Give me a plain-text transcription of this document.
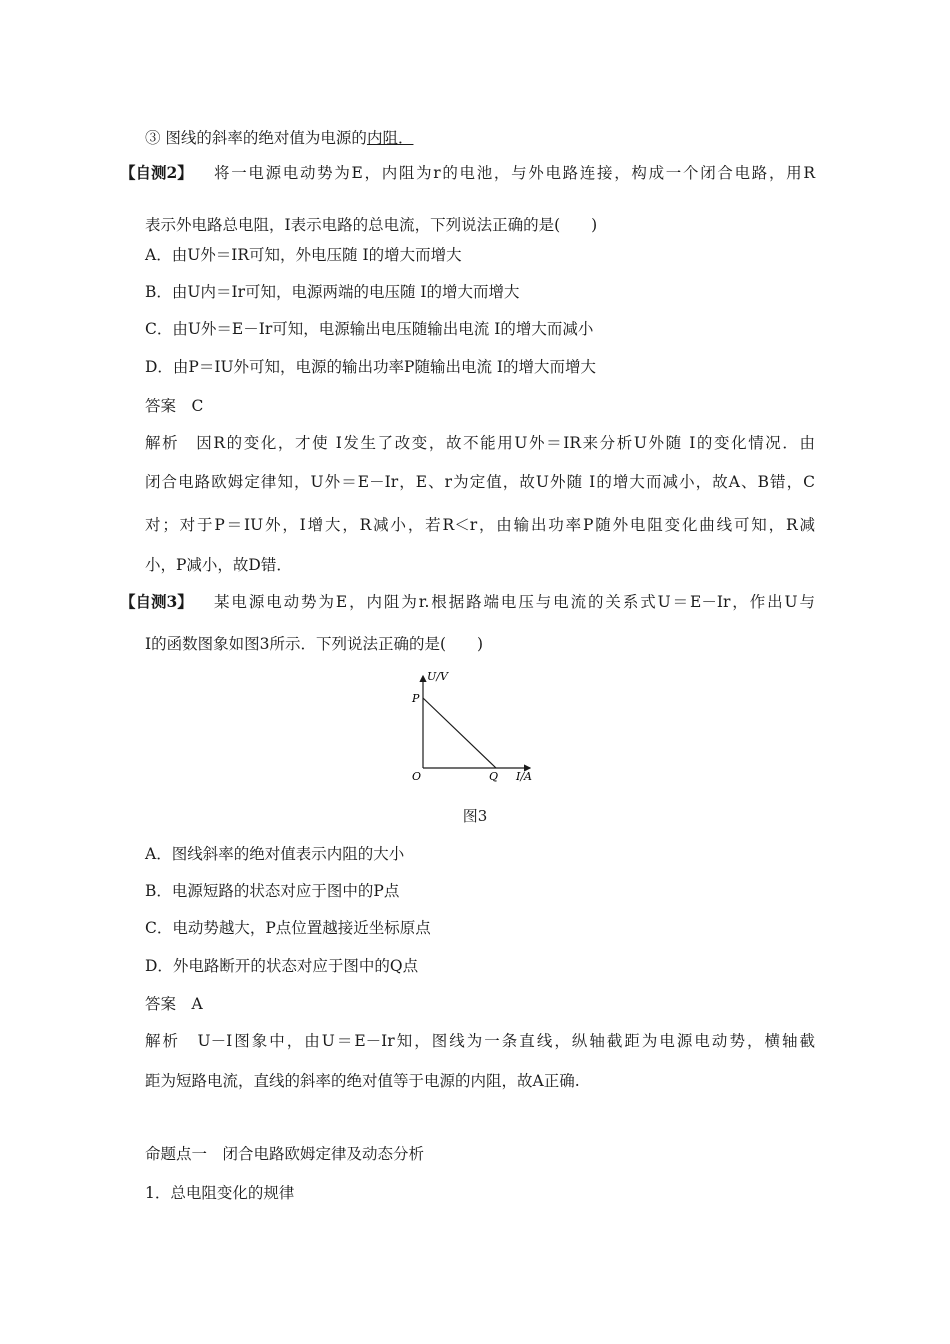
③ 图线的斜率的绝对值为电源的内阻．
【自测2】 将一电源电动势为E，内阻为r的电池，与外电路连接，构成一个闭合电路，用R
表示外电路总电阻，I表示电路的总电流，下列说法正确的是(　　)
A．由U外＝IR可知，外电压随 I的增大而增大
B．由U内＝Ir可知，电源两端的电压随 I的增大而增大
C．由U外＝E－Ir可知，电源输出电压随输出电流 I的增大而减小
D．由P＝IU外可知，电源的输出功率P随输出电流 I的增大而增大
答案　C
解析　因R的变化，才使 I发生了改变，故不能用U外＝IR来分析U外随 I的变化情况．由
闭合电路欧姆定律知，U外＝E－Ir，E、r为定值，故U外随 I的增大而减小，故A、B错，C
对；对于P＝IU外，I增大，R减小，若R＜r，由输出功率P随外电阻变化曲线可知，R减
小，P减小，故D错．
【自测3】 某电源电动势为E，内阻为r.根据路端电压与电流的关系式U＝E－Ir，作出U与
I的函数图象如图3所示．下列说法正确的是(　　)
U/V
P
O	Q I/A
图3
A．图线斜率的绝对值表示内阻的大小
B．电源短路的状态对应于图中的P点
C．电动势越大，P点位置越接近坐标原点
D．外电路断开的状态对应于图中的Q点
答案　A
解析　U－I图象中，由U＝E－Ir知，图线为一条直线，纵轴截距为电源电动势，横轴截
距为短路电流，直线的斜率的绝对值等于电源的内阻，故A正确.
命题点一　闭合电路欧姆定律及动态分析
1．总电阻变化的规律
